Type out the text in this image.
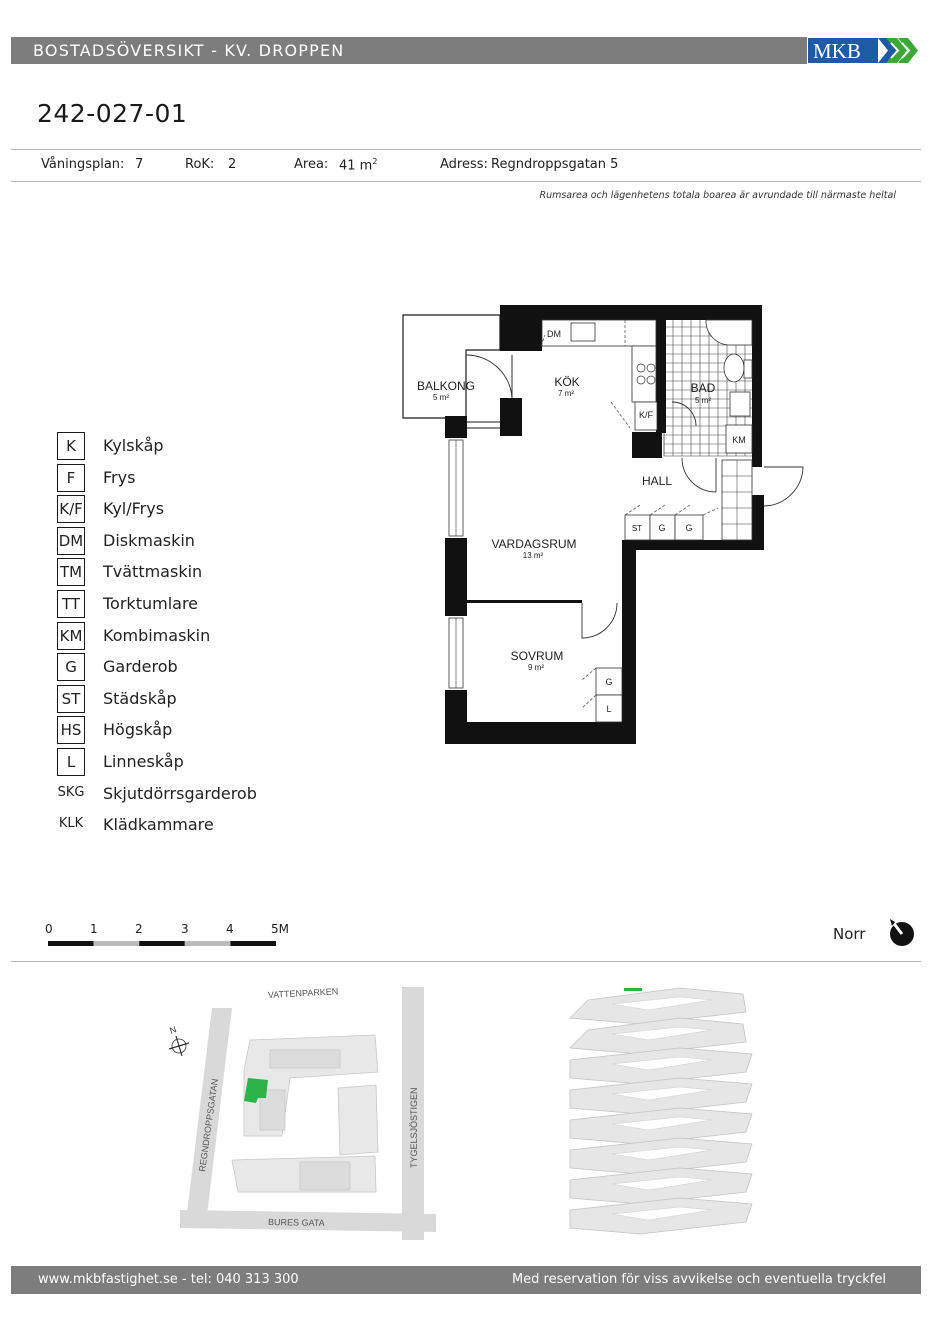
BOSTADSÖVERSIKT - KV. DROPPEN	MKB
242-027-01
Våningsplan: 7	RoK: 2	Area: 41 $m^2$	Adress: Regndroppsgatan 5
Rumsarea och lägenhetens totala boarea är avrundade till närmaste heltal
K/F
DM
KM
ST G G
G
L
BALKONG
5 m²
KÖK
7 m²	BAD
5 m²
HALL
VARDAGSRUM
13 m²
SOVRUM
9 m²
K	Kylskåp
F	Frys
K/F Kyl/Frys
DM Diskmaskin
TM Tvättmaskin
TT	Torktumlare
KM Kombimaskin
G	Garderob
ST Städskåp
HS Högskåp
L	Linneskåp
SKG Skjutdörrsgarderob
KLK Klädkammare
0	1	2	3	4	5M	Norr
VATTENPARKEN
REGNDROPPSGATAN	TYGELSJÖSTIGEN
BURES GATA
N
www.mkbfastighet.se - tel: 040 313 300	Med reservation för viss avvikelse och eventuella tryckfel
